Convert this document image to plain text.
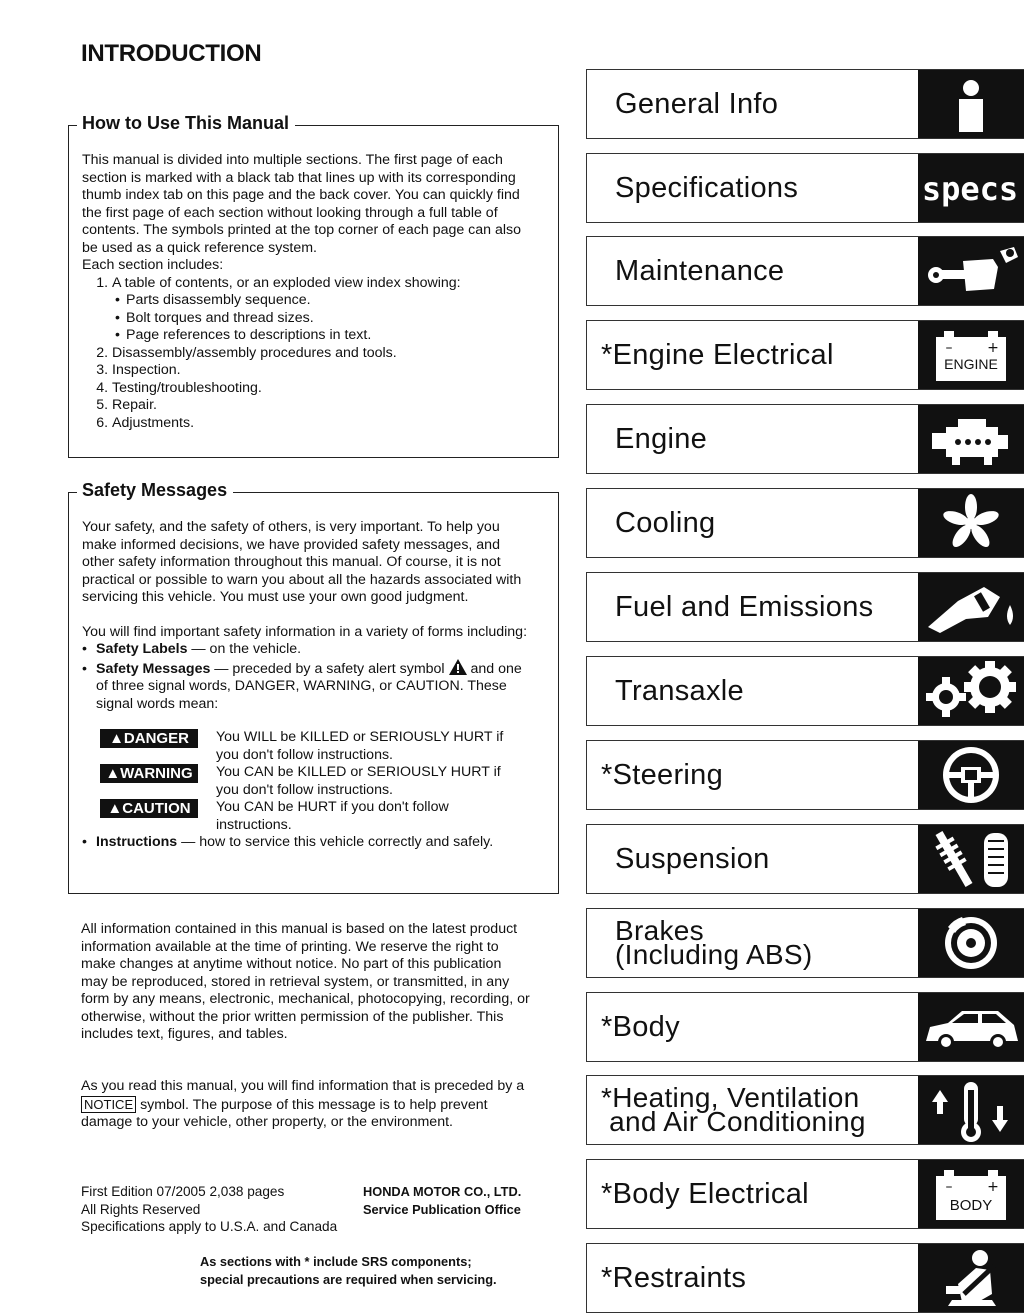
INTRODUCTION
How to Use This Manual
This manual is divided into multiple sections. The first page of each section is marked with a black tab that lines up with its corresponding thumb index tab on this page and the back cover. You can quickly find the first page of each section without looking through a full table of contents. The symbols printed at the top corner of each page can also be used as a quick reference system.
Each section includes:
1. A table of contents, or an exploded view index showing:
• Parts disassembly sequence.
• Bolt torques and thread sizes.
• Page references to descriptions in text.
2. Disassembly/assembly procedures and tools.
3. Inspection.
4. Testing/troubleshooting.
5. Repair.
6. Adjustments.
Safety Messages
Your safety, and the safety of others, is very important. To help you make informed decisions, we have provided safety messages, and other safety information throughout this manual. Of course, it is not practical or possible to warn you about all the hazards associated with servicing this vehicle. You must use your own good judgment.
You will find important safety information in a variety of forms including:
• Safety Labels — on the vehicle.
• Safety Messages — preceded by a safety alert symbol  and one of three signal words, DANGER, WARNING, or CAUTION. These signal words mean:
▲DANGER	You WILL be KILLED or SERIOUSLY HURT if you don't follow instructions.
▲WARNING	You CAN be KILLED or SERIOUSLY HURT if you don't follow instructions.
▲CAUTION	You CAN be HURT if you don't follow instructions.
• Instructions — how to service this vehicle correctly and safely.
All information contained in this manual is based on the latest product information available at the time of printing. We reserve the right to make changes at anytime without notice. No part of this publication may be reproduced, stored in retrieval system, or transmitted, in any form by any means, electronic, mechanical, photocopying, recording, or otherwise, without the prior written permission of the publisher. This includes text, figures, and tables.
As you read this manual, you will find information that is preceded by a NOTICE symbol. The purpose of this message is to help prevent damage to your vehicle, other property, or the environment.
First Edition 07/2005 2,038 pages
All Rights Reserved
Specifications apply to U.S.A. and Canada
HONDA MOTOR CO., LTD.
Service Publication Office
As sections with * include SRS components;
special precautions are required when servicing.
General Info
Specifications	specs
Maintenance
*Engine Electrical	ENGINE
– +
Engine
Cooling
Fuel and Emissions
Transaxle
*Steering
Suspension
Brakes
(Including ABS)
*Body
*Heating, Ventilation
and Air Conditioning
*Body Electrical	BODY
– +
*Restraints
